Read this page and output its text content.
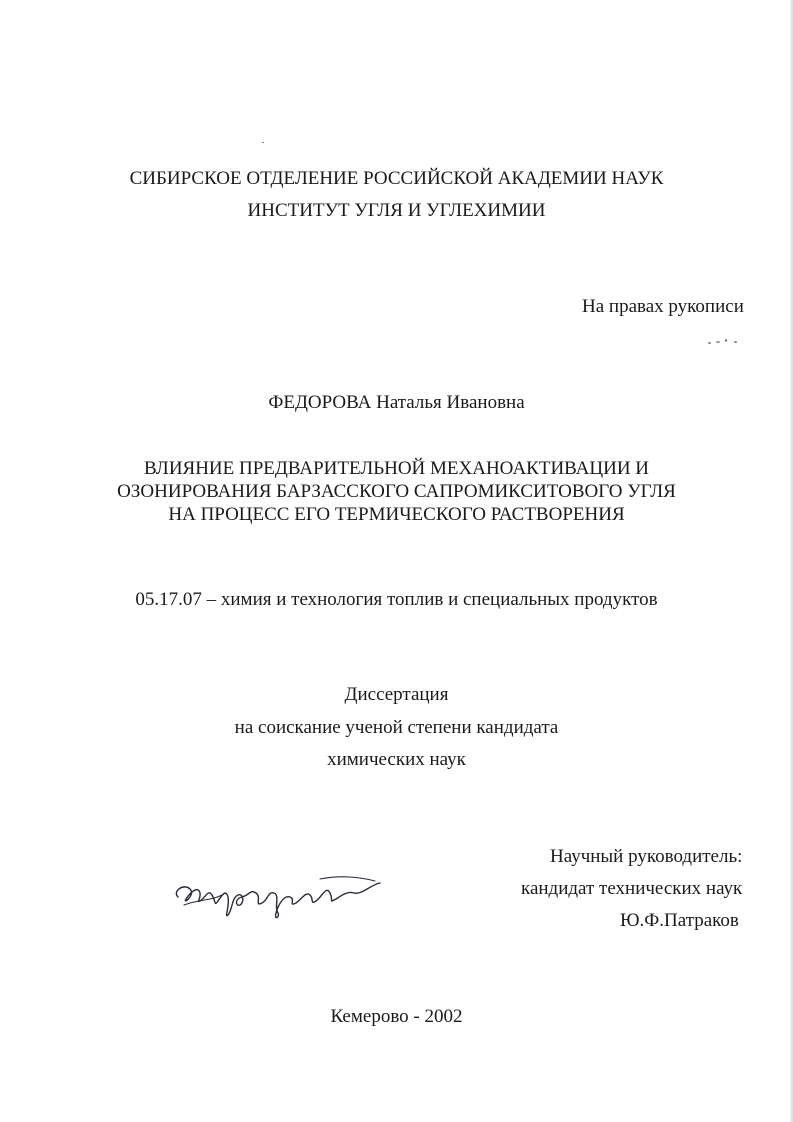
СИБИРСКОЕ ОТДЕЛЕНИЕ РОССИЙСКОЙ АКАДЕМИИ НАУК
ИНСТИТУТ УГЛЯ И УГЛЕХИМИИ
На правах рукописи
ФЕДОРОВА Наталья Ивановна
ВЛИЯНИЕ ПРЕДВАРИТЕЛЬНОЙ МЕХАНОАКТИВАЦИИ И
ОЗОНИРОВАНИЯ БАРЗАССКОГО САПРОМИКСИТОВОГО УГЛЯ
НА ПРОЦЕСС ЕГО ТЕРМИЧЕСКОГО РАСТВОРЕНИЯ
05.17.07 – химия и технология топлив и специальных продуктов
Диссертация
на соискание ученой степени кандидата
химических наук
Научный руководитель:
кандидат технических наук
Ю.Ф.Патраков
Кемерово - 2002
